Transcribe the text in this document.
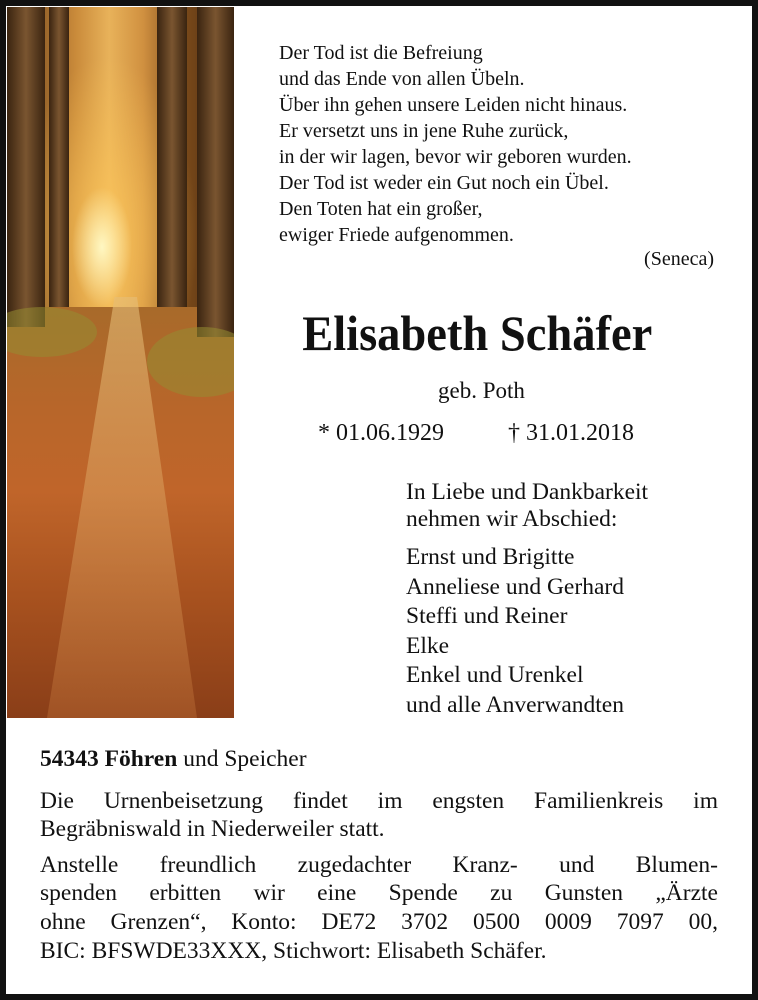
Der Tod ist die Befreiung
und das Ende von allen Übeln.
Über ihn gehen unsere Leiden nicht hinaus.
Er versetzt uns in jene Ruhe zurück,
in der wir lagen, bevor wir geboren wurden.
Der Tod ist weder ein Gut noch ein Übel.
Den Toten hat ein großer,
ewiger Friede aufgenommen.
(Seneca)
Elisabeth Schäfer
geb. Poth
* 01.06.1929	† 31.01.2018
In Liebe und Dankbarkeit
nehmen wir Abschied:
Ernst und Brigitte
Anneliese und Gerhard
Steffi und Reiner
Elke
Enkel und Urenkel
und alle Anverwandten
54343 Föhren und Speicher
Die Urnenbeisetzung findet im engsten Familienkreis im
Begräbniswald in Niederweiler statt.
Anstelle freundlich zugedachter Kranz- und Blumen-
spenden erbitten wir eine Spende zu Gunsten „Ärzte
ohne Grenzen“, Konto: DE72 3702 0500 0009 7097 00,
BIC: BFSWDE33XXX, Stichwort: Elisabeth Schäfer.
